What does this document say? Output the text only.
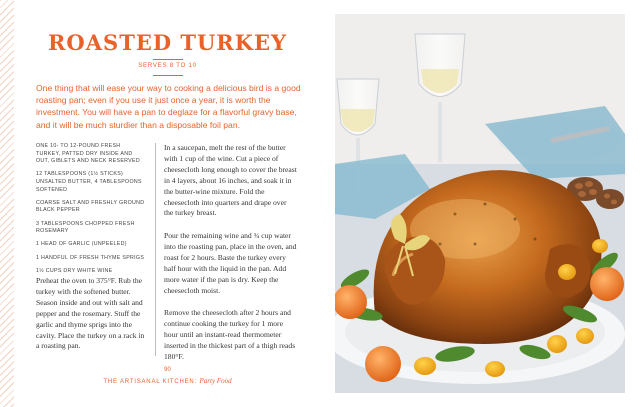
ROASTED TURKEY
SERVES 8 TO 10

One thing that will ease your way to cooking a delicious bird is a good roasting pan; even if you use it just once a year, it is worth the investment. You will have a pan to deglaze for a flavorful gravy base, and it will be much sturdier than a disposable foil pan.

ONE 10- TO 12-POUND FRESH TURKEY, PATTED DRY INSIDE AND OUT, GIBLETS AND NECK RESERVED
12 TABLESPOONS (1½ STICKS) UNSALTED BUTTER, 4 TABLESPOONS SOFTENED
COARSE SALT AND FRESHLY GROUND BLACK PEPPER
3 TABLESPOONS CHOPPED FRESH ROSEMARY
1 HEAD OF GARLIC (UNPEELED)
1 HANDFUL OF FRESH THYME SPRIGS
1½ CUPS DRY WHITE WINE

Preheat the oven to 375°F. Rub the turkey with the softened butter. Season inside and out with salt and pepper and the rosemary. Stuff the garlic and thyme sprigs into the cavity. Place the turkey on a rack in a roasting pan.

In a saucepan, melt the rest of the butter with 1 cup of the wine. Cut a piece of cheesecloth long enough to cover the breast in 4 layers, about 16 inches, and soak it in the butter-wine mixture. Fold the cheesecloth into quarters and drape over the turkey breast.

Pour the remaining wine and ¾ cup water into the roasting pan, place in the oven, and roast for 2 hours. Baste the turkey every half hour with the liquid in the pan. Add more water if the pan is dry. Keep the cheesecloth moist.

Remove the cheesecloth after 2 hours and continue cooking the turkey for 1 more hour until an instant-read thermometer inserted in the thickest part of a thigh reads 180°F.

90
THE ARTISANAL KITCHEN: Party Food
